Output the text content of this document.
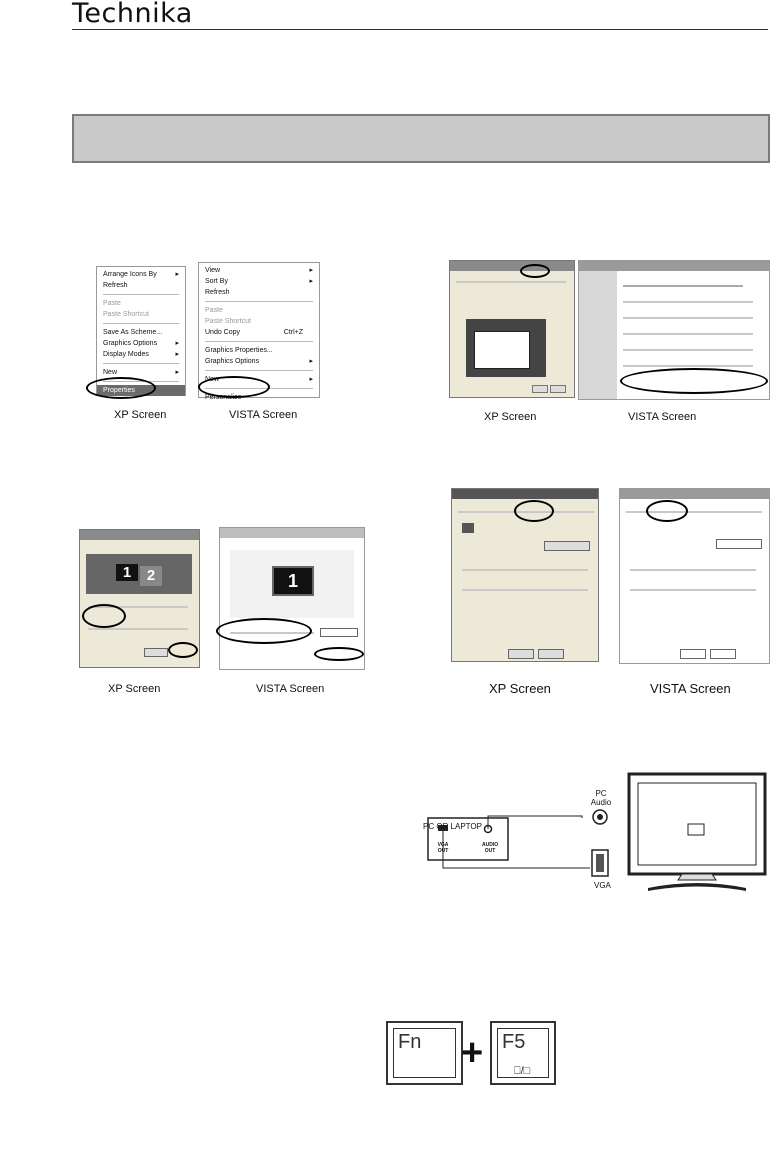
Technika
Arrange Icons By ▸
Refresh
Paste
Paste Shortcut
Save As Scheme...
Graphics Options ▸
Display Modes ▸
New ▸
Properties
View ▸
Sort By ▸
Refresh
Paste
Paste Shortcut
Undo Copy	Ctrl+Z
Graphics Properties...
Graphics Options ▸
New ▸
Personalize
XP Screen	VISTA Screen	XP Screen	VISTA Screen
1	2	1
XP Screen	VISTA Screen	XP Screen	VISTA Screen
PC OR LAPTOP
VGA OUT
AUDIO OUT
PC Audio
VGA
Fn + F5
⎕/□
